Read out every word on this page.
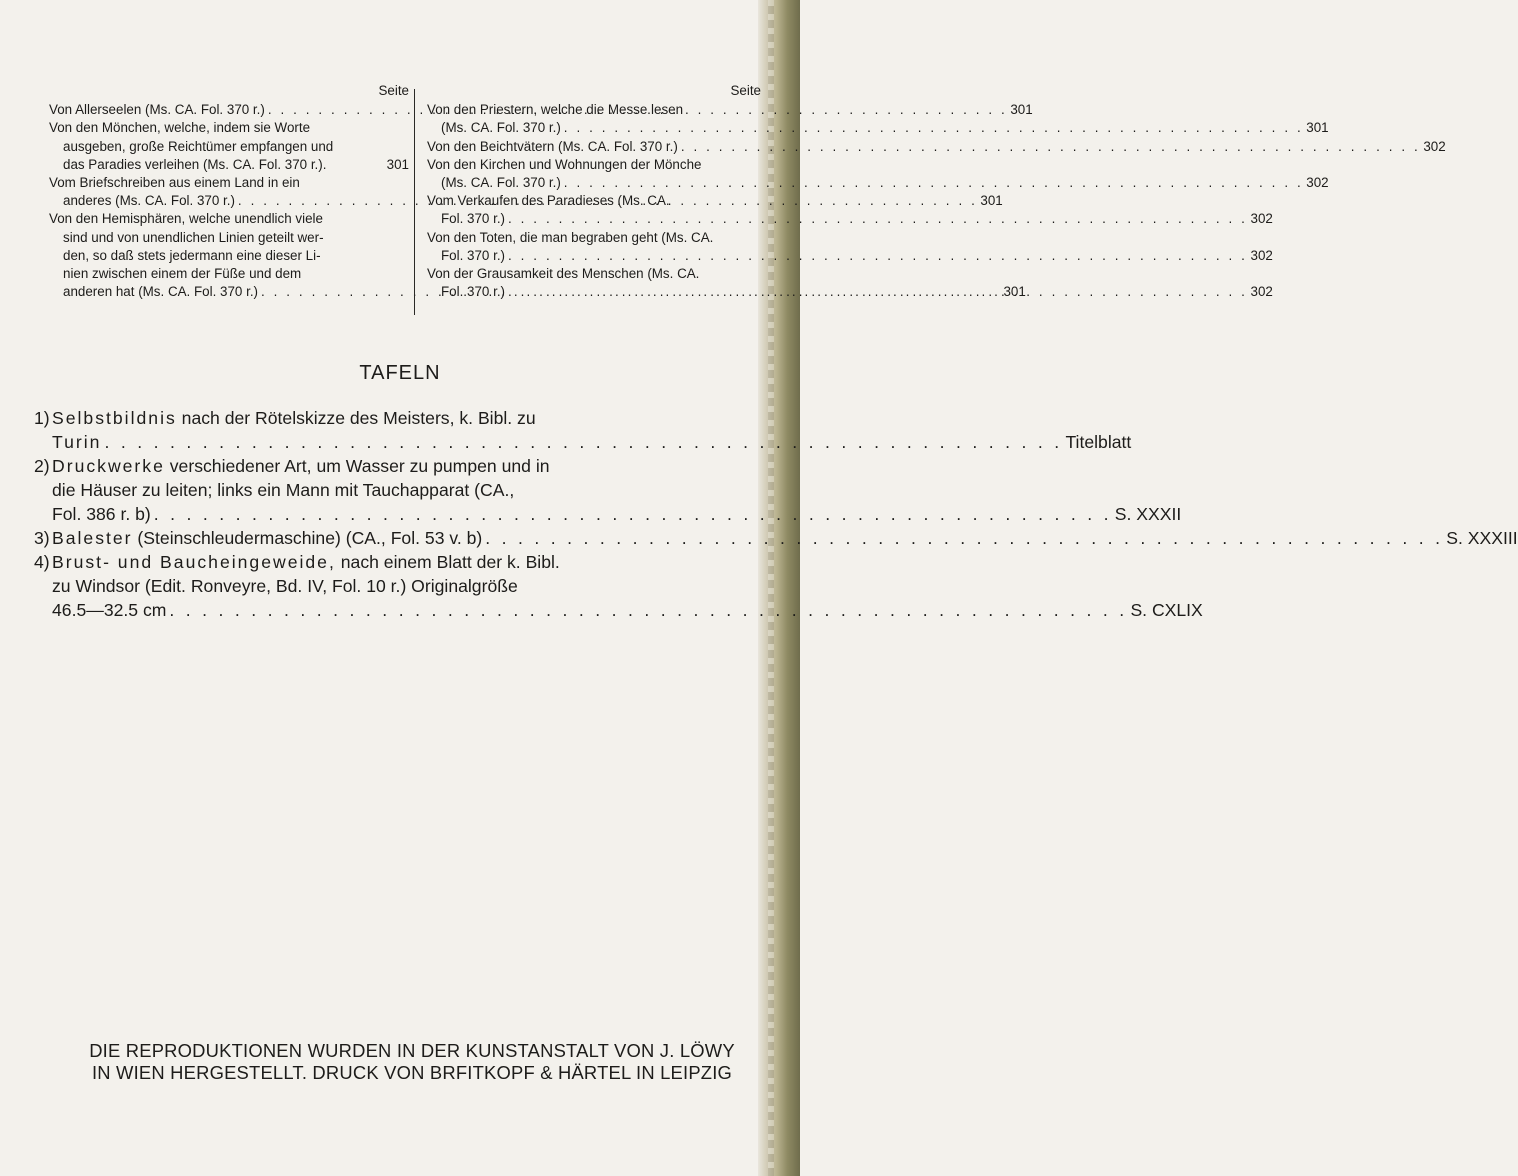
Seite
Von Allerseelen (Ms. CA. Fol. 370 r.) . . .	301
Von den Mönchen, welche, indem sie Worte
ausgeben, große Reichtümer empfangen und
das Paradies verleihen (Ms. CA. Fol. 370 r.).	301
Vom Briefschreiben aus einem Land in ein
anderes (Ms. CA. Fol. 370 r.) . . .	301
Von den Hemisphären, welche unendlich viele
sind und von unendlichen Linien geteilt wer-
den, so daß stets jedermann eine dieser Li-
nien zwischen einem der Füße und dem
anderen hat (Ms. CA. Fol. 370 r.) . . .	301
Seite
Von den Priestern, welche die Messe lesen
(Ms. CA. Fol. 370 r.) . . .	301
Von den Beichtvätern (Ms. CA. Fol. 370 r.) . . .	302
Von den Kirchen und Wohnungen der Mönche
(Ms. CA. Fol. 370 r.) . . .	302
Vom Verkaufen des Paradieses (Ms. CA.
Fol. 370 r.) . . .	302
Von den Toten, die man begraben geht (Ms. CA.
Fol. 370 r.) . . .	302
Von der Grausamkeit des Menschen (Ms. CA.
Fol. 370 r.) . . .	302
TAFELN
1) Selbstbildnis nach der Rötelskizze des Meisters, k. Bibl. zu
Turin . . .	Titelblatt
2) Druckwerke verschiedener Art, um Wasser zu pumpen und in
die Häuser zu leiten; links ein Mann mit Tauchapparat (CA.,
Fol. 386 r. b) . . .	S. XXXII
3) Balester (Steinschleudermaschine) (CA., Fol. 53 v. b) . . .	S. XXXIII
4) Brust- und Baucheingeweide, nach einem Blatt der k. Bibl.
zu Windsor (Edit. Ronveyre, Bd. IV, Fol. 10 r.) Originalgröße
46.5—32.5 cm . . .	S. CXLIX
DIE REPRODUKTIONEN WURDEN IN DER KUNSTANSTALT VON J. LÖWY
IN WIEN HERGESTELLT. DRUCK VON BRFITKOPF & HÄRTEL IN LEIPZIG
